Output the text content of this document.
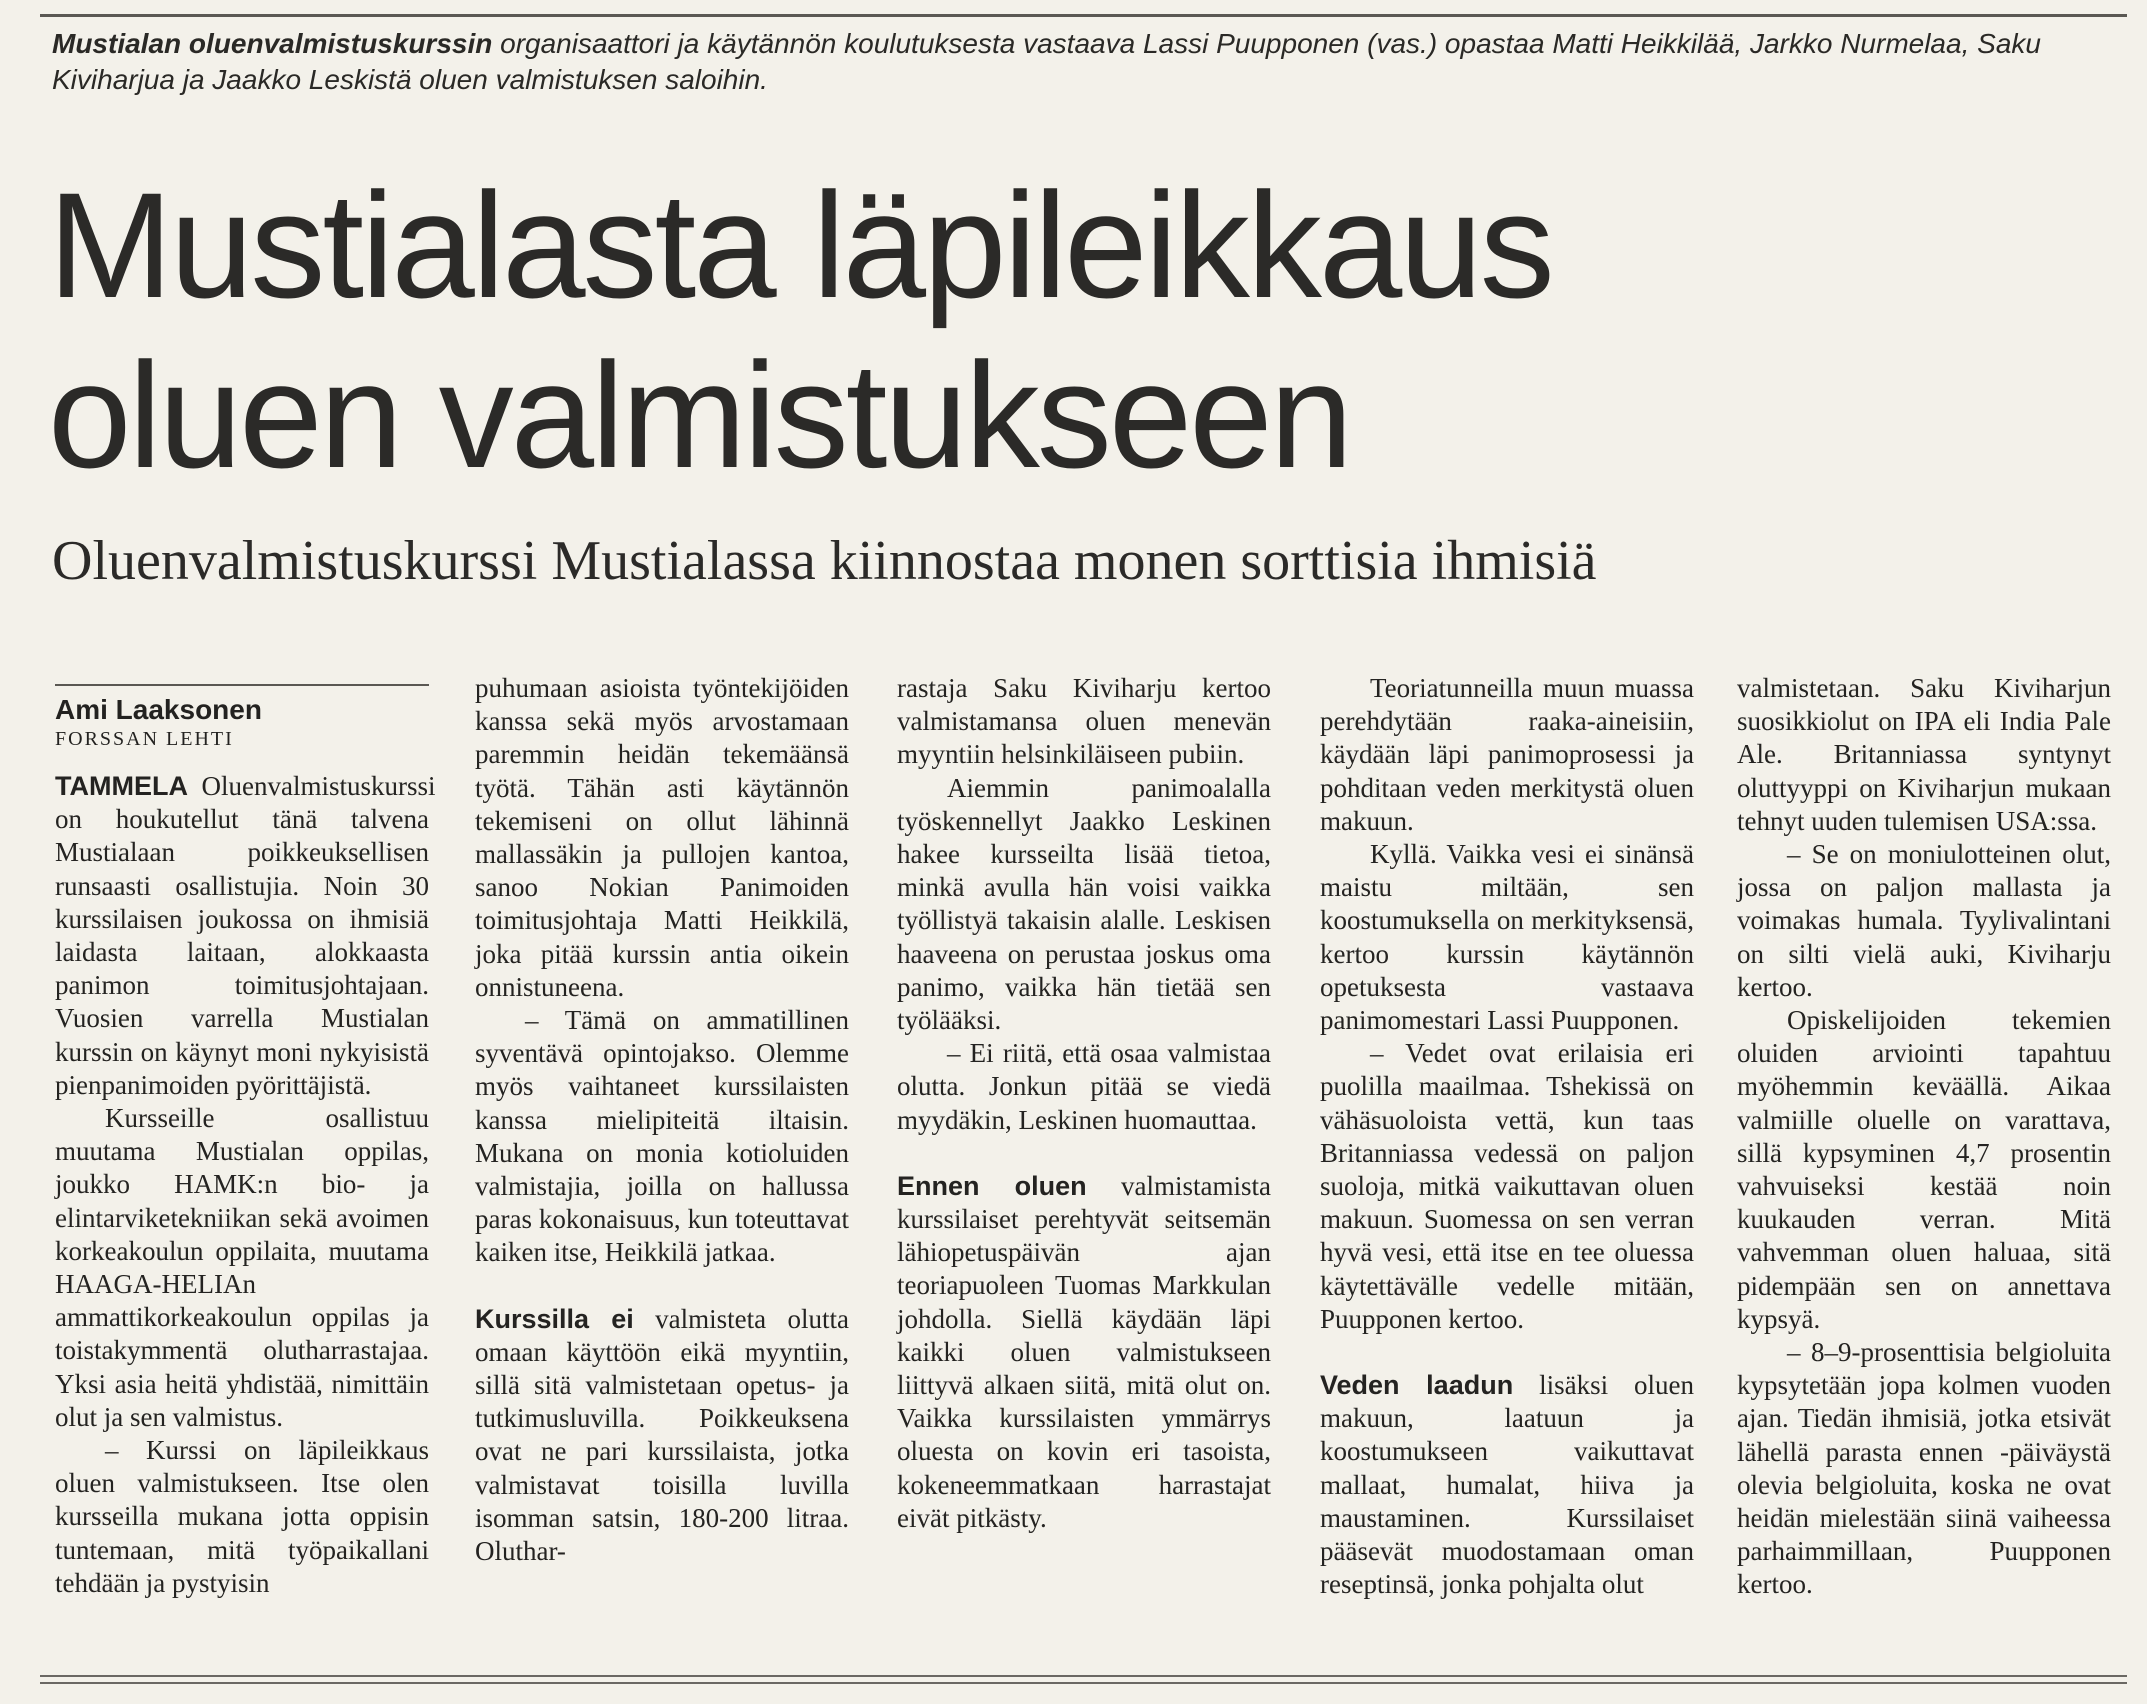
Mustialan oluenvalmistuskurssin organisaattori ja käytännön koulutuksesta vastaava Lassi Puupponen (vas.) opastaa Matti Heikkilää, Jarkko Nurmelaa, Saku Kiviharjua ja Jaakko Leskistä oluen valmistuksen saloihin.
Mustialasta läpileikkaus
oluen valmistukseen
Oluenvalmistuskurssi Mustialassa kiinnostaa monen sorttisia ihmisiä
Ami Laaksonen
FORSSAN LEHTI

TAMMELA Oluenvalmistuskurssi on houkutellut tänä talvena Mustialaan poikkeuksellisen runsaasti osallistujia. Noin 30 kurssilaisen joukossa on ihmisiä laidasta laitaan, alokkaasta panimon toimitusjohtajaan. Vuosien varrella Mustialan kurssin on käynyt moni nykyisistä pienpanimoiden pyörittäjistä.

Kursseille osallistuu muutama Mustialan oppilas, joukko HAMK:n bio- ja elintarviketekniikan sekä avoimen korkeakoulun oppilaita, muutama HAAGA-HELIAn ammattikorkeakoulun oppilas ja toistakymmentä olutharrastajaa. Yksi asia heitä yhdistää, nimittäin olut ja sen valmistus.

– Kurssi on läpileikkaus oluen valmistukseen. Itse olen kursseilla mukana jotta oppisin tuntemaan, mitä työpaikallani tehdään ja pystyisin

puhumaan asioista työntekijöiden kanssa sekä myös arvostamaan paremmin heidän tekemäänsä työtä. Tähän asti käytännön tekemiseni on ollut lähinnä mallassäkin ja pullojen kantoa, sanoo Nokian Panimoiden toimitusjohtaja Matti Heikkilä, joka pitää kurssin antia oikein onnistuneena.

– Tämä on ammatillinen syventävä opintojakso. Olemme myös vaihtaneet kurssilaisten kanssa mielipiteitä iltaisin. Mukana on monia kotioluiden valmistajia, joilla on hallussa paras kokonaisuus, kun toteuttavat kaiken itse, Heikkilä jatkaa.

Kurssilla ei valmisteta olutta omaan käyttöön eikä myyntiin, sillä sitä valmistetaan opetus- ja tutkimusluvilla. Poikkeuksena ovat ne pari kurssilaista, jotka valmistavat toisilla luvilla isomman satsin, 180-200 litraa. Oluthar-

rastaja Saku Kiviharju kertoo valmistamansa oluen menevän myyntiin helsinkiläiseen pubiin.

Aiemmin panimoalalla työskennellyt Jaakko Leskinen hakee kursseilta lisää tietoa, minkä avulla hän voisi vaikka työllistyä takaisin alalle. Leskisen haaveena on perustaa joskus oma panimo, vaikka hän tietää sen työlääksi.

– Ei riitä, että osaa valmistaa olutta. Jonkun pitää se viedä myydäkin, Leskinen huomauttaa.

Ennen oluen valmistamista kurssilaiset perehtyvät seitsemän lähiopetuspäivän ajan teoriapuoleen Tuomas Markkulan johdolla. Siellä käydään läpi kaikki oluen valmistukseen liittyvä alkaen siitä, mitä olut on. Vaikka kurssilaisten ymmärrys oluesta on kovin eri tasoista, kokeneemmatkaan harrastajat eivät pitkästy.

Teoriatunneilla muun muassa perehdytään raaka-aineisiin, käydään läpi panimoprosessi ja pohditaan veden merkitystä oluen makuun.

Kyllä. Vaikka vesi ei sinänsä maistu miltään, sen koostumuksella on merkityksensä, kertoo kurssin käytännön opetuksesta vastaava panimomestari Lassi Puupponen.

– Vedet ovat erilaisia eri puolilla maailmaa. Tshekissä on vähäsuoloista vettä, kun taas Britanniassa vedessä on paljon suoloja, mitkä vaikuttavan oluen makuun. Suomessa on sen verran hyvä vesi, että itse en tee oluessa käytettävälle vedelle mitään, Puupponen kertoo.

Veden laadun lisäksi oluen makuun, laatuun ja koostumukseen vaikuttavat mallaat, humalat, hiiva ja maustaminen. Kurssilaiset pääsevät muodostamaan oman reseptinsä, jonka pohjalta olut

valmistetaan. Saku Kiviharjun suosikkiolut on IPA eli India Pale Ale. Britanniassa syntynyt oluttyyppi on Kiviharjun mukaan tehnyt uuden tulemisen USA:ssa.

– Se on moniulotteinen olut, jossa on paljon mallasta ja voimakas humala. Tyylivalintani on silti vielä auki, Kiviharju kertoo.

Opiskelijoiden tekemien oluiden arviointi tapahtuu myöhemmin keväällä. Aikaa valmiille oluelle on varattava, sillä kypsyminen 4,7 prosentin vahvuiseksi kestää noin kuukauden verran. Mitä vahvemman oluen haluaa, sitä pidempään sen on annettava kypsyä.

– 8–9-prosenttisia belgioluita kypsytetään jopa kolmen vuoden ajan. Tiedän ihmisiä, jotka etsivät lähellä parasta ennen -päiväystä olevia belgioluita, koska ne ovat heidän mielestään siinä vaiheessa parhaimmillaan, Puupponen kertoo.
